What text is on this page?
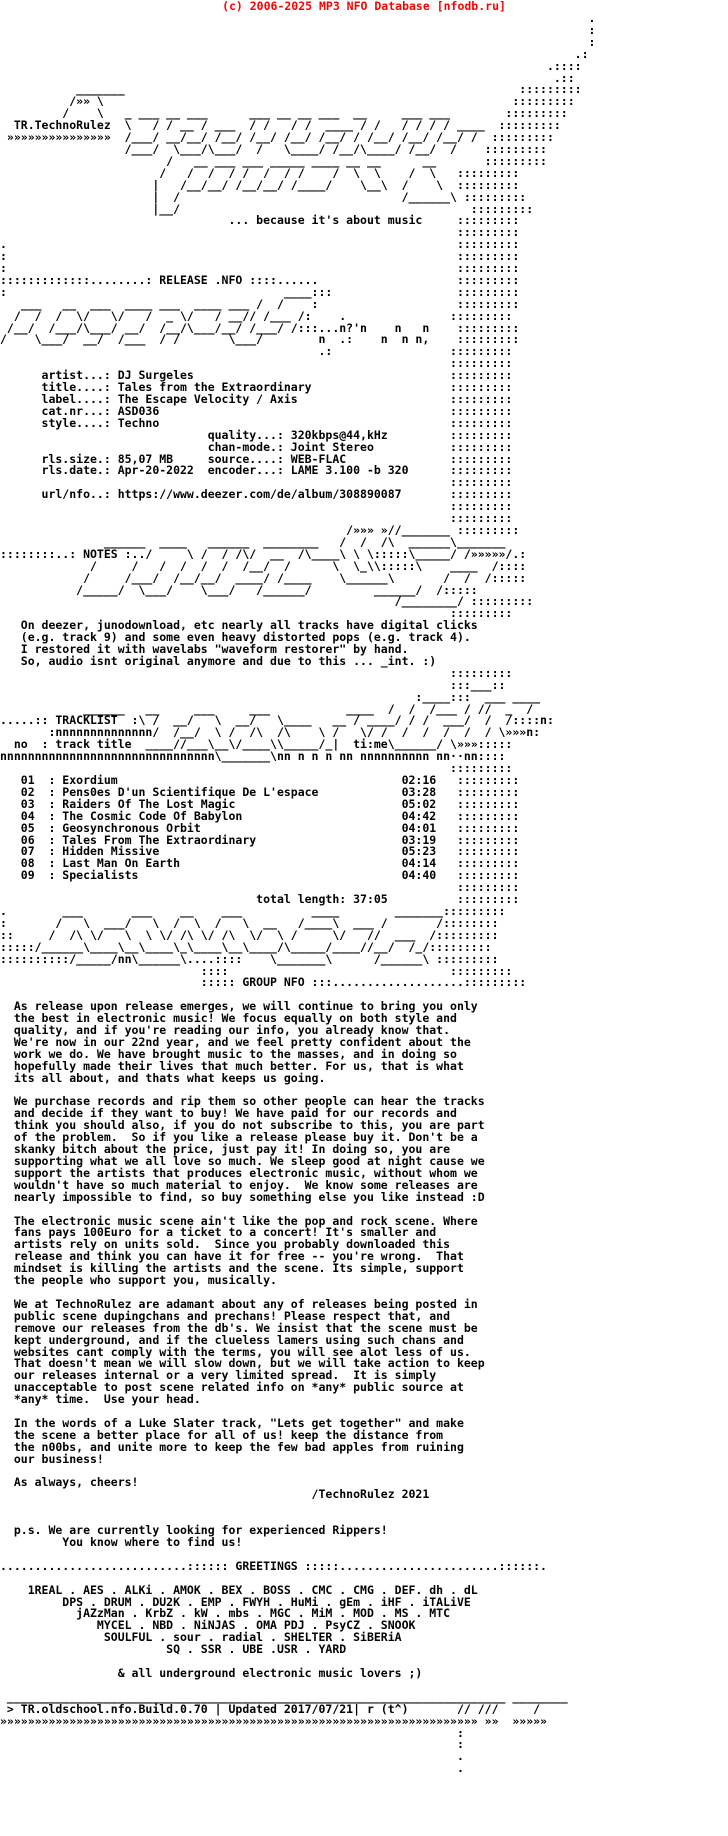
(c) 2006-2025 MP3 NFO Database [nfodb.ru]
.
:
:
.:
.::::
.::
_______                                                         :::::::::
/»» \                                                           :::::::::
/    \   _ ___ __ ___      ___ __ __ ___  __     ___ ___        :::::::::
TR.TechnoRulez  \   / / __ / ___  / /   / /  ____ / /   / / / / ____  :::::::::
»»»»»»»»»»»»»»»  /___/ __/__/ /__/ /__/ /__/ /__/ / /__/ /__/ /__/ /  :::::::::
/___/  \___/\___/  /   \____/ /__/\____/ /__/  /    :::::::::
/   __ ___ ___ _____ ____ __ __      __       :::::::::
/   /  /  / /  /  / /    /  \  \    /  \   :::::::::
|   /__/__/ /__/__/ /____/    \__\  /    \  :::::::::
|  /                                /______\ :::::::::
|__/                                          :::::::::
... because it's about music     :::::::::
:::::::::
.                                                                 :::::::::
:                                                                 :::::::::
:                                                                 :::::::::
:::::::::::::........: RELEASE .NFO ::::......                    :::::::::
:                                        ____:::                  :::::::::
___   __  ___  ____ ___  ____ ___ /  /    :                    :::::::::
/  /  /  \/   \/   /  _ \/   / __// /___ /:    .               :::::::::
/__/  /___/\___/ __/  /__/\___/__/ /___/ /:::...n?'n    n   n    :::::::::
/    \___/  __/  /___  / /       \___/        n  .:    n  n n,    :::::::::
.:                 :::::::::
:::::::::
artist...: DJ Surgeles                                     :::::::::
title....: Tales from the Extraordinary                    :::::::::
label....: The Escape Velocity / Axis                      :::::::::
cat.nr...: ASD036                                          :::::::::
style....: Techno                                          :::::::::
quality...: 320kbps@44,kHz         :::::::::
chan-mode.: Joint Stereo           :::::::::
rls.size.: 85,07 MB     source....: WEB-FLAC               :::::::::
rls.date.: Apr-20-2022  encoder...: LAME 3.100 -b 320      :::::::::
:::::::::
url/nfo..: https://www.deezer.com/de/album/308890087       :::::::::
:::::::::
:::::::::
/»»» »//_______ :::::::::
______  ____   ______  ________   /  /  /\  ______\_______
::::::::..: NOTES :../     \ /  / /\/  __  /\____\ \ \:::::\_____/ /»»»»»/.:
/     /   /  /  /  /  /__/  /      \  \_\\:::::\    ____  /::::
/     /___/  /__/__/  ____/ /____    \______\       /  /  /:::::
/_____/  \___/    \___/   /______/         ______/  /:::::
/________/ :::::::::
:::::::::
On deezer, junodownload, etc nearly all tracks have digital clicks
(e.g. track 9) and some even heavy distorted pops (e.g. track 4).
I restored it with wavelabs "waveform restorer" by hand.
So, audio isnt original anymore and due to this ... _int. :)
:::::::::
:::___::
:____:::  ___ ____
______   __     ___     ___           ____  /  /  /___ / //  _  /
.....:: TRACKLIST  :\ /  __/   \  __/   \____   __ / ____/ / /  ___/  /  /::::n:
:nnnnnnnnnnnnnn/  /__/  \ /  /\  /\    \ /   \/ /  /  /  /  /  / \»»»n:
no  : track title  ____//___\__\/____\\_____/_|  ti:me\______/ \»»»:::::
nnnnnnnnnnnnnnnnnnnnnnnnnnnnnnn\_______\nn n n n nn nnnnnnnnnn nn··nn::::
:::::::::
01  : Exordium                                         02:16   :::::::::
02  : Pens0es D'un Scientifique De L'espace            03:28   :::::::::
03  : Raiders Of The Lost Magic                        05:02   :::::::::
04  : The Cosmic Code Of Babylon                       04:42   :::::::::
05  : Geosynchronous Orbit                             04:01   :::::::::
06  : Tales From The Extraordinary                     03:19   :::::::::
07  : Hidden Missive                                   05:23   :::::::::
08  : Last Man On Earth                                04:14   :::::::::
09  : Specialists                                      04:40   :::::::::
:::::::::
total length: 37:05          :::::::::
.        ___       ___    __    ___          ____        _______:::::::::
:       /   \  ___/   \  /  \  /   \  __   /____\  ___ /       /::::::::
::     /  /\ \/   \  \ \/ /\ \/ /\  \/  \ /     \/   //  ___  /:::::::::
:::::/______\____\__\____\_\____\__\____/\_____/____//__/  /_/:::::::::
::::::::::/_____/nn\______\....::::    \_______\      /______\ :::::::::
::::                                :::::::::
::::: GROUP NFO :::...................:::::::::

As release upon release emerges, we will continue to bring you only
the best in electronic music! We focus equally on both style and
quality, and if you're reading our info, you already know that.
We're now in our 22nd year, and we feel pretty confident about the
work we do. We have brought music to the masses, and in doing so
hopefully made their lives that much better. For us, that is what
its all about, and thats what keeps us going.

We purchase records and rip them so other people can hear the tracks
and decide if they want to buy! We have paid for our records and
think you should also, if you do not subscribe to this, you are part
of the problem.  So if you like a release please buy it. Don't be a
skanky bitch about the price, just pay it! In doing so, you are
supporting what we all love so much. We sleep good at night cause we
support the artists that produces electronic music, without whom we
wouldn't have so much material to enjoy.  We know some releases are
nearly impossible to find, so buy something else you like instead :D

The electronic music scene ain't like the pop and rock scene. Where
fans pays 100Euro for a ticket to a concert! It's smaller and
artists rely on units sold.  Since you probably downloaded this
release and think you can have it for free -- you're wrong.  That
mindset is killing the artists and the scene. Its simple, support
the people who support you, musically.

We at TechnoRulez are adamant about any of releases being posted in
public scene dupingchans and prechans! Please respect that, and
remove our releases from the db's. We insist that the scene must be
kept underground, and if the clueless lamers using such chans and
websites cant comply with the terms, you will see alot less of us.
That doesn't mean we will slow down, but we will take action to keep
our releases internal or a very limited spread.  It is simply
unacceptable to post scene related info on *any* public source at
*any* time.  Use your head.

In the words of a Luke Slater track, "Lets get together" and make
the scene a better place for all of us! keep the distance from
the n00bs, and unite more to keep the few bad apples from ruining
our business!

As always, cheers!
/TechnoRulez 2021

p.s. We are currently looking for experienced Rippers!
You know where to find us!

...........................:::::: GREETINGS :::::.......................::::::.

1REAL . AES . ALKi . AMOK . BEX . BOSS . CMC . CMG . DEF. dh . dL
DPS . DRUM . DU2K . EMP . FWYH . HuMi . gEm . iHF . iTALiVE
jAZzMan . KrbZ . kW . mbs . MGC . MiM . MOD . MS . MTC
MYCEL . NBD . NiNJAS . OMA PDJ . PsyCZ . SNOOK
SOULFUL . sour . radial . SHELTER . SiBERiA
SQ . SSR . UBE .USR . YARD

& all underground electronic music lovers ;)

________________________________________________________________________ ________
> TR.oldschool.nfo.Build.0.70 | Updated 2017/07/21| r (t^)       // ///     /
»»»»»»»»»»»»»»»»»»»»»»»»»»»»»»»»»»»»»»»»»»»»»»»»»»»»»»»»»»»»»»»»»»»»» »»  »»»»»
:
:
.
.
